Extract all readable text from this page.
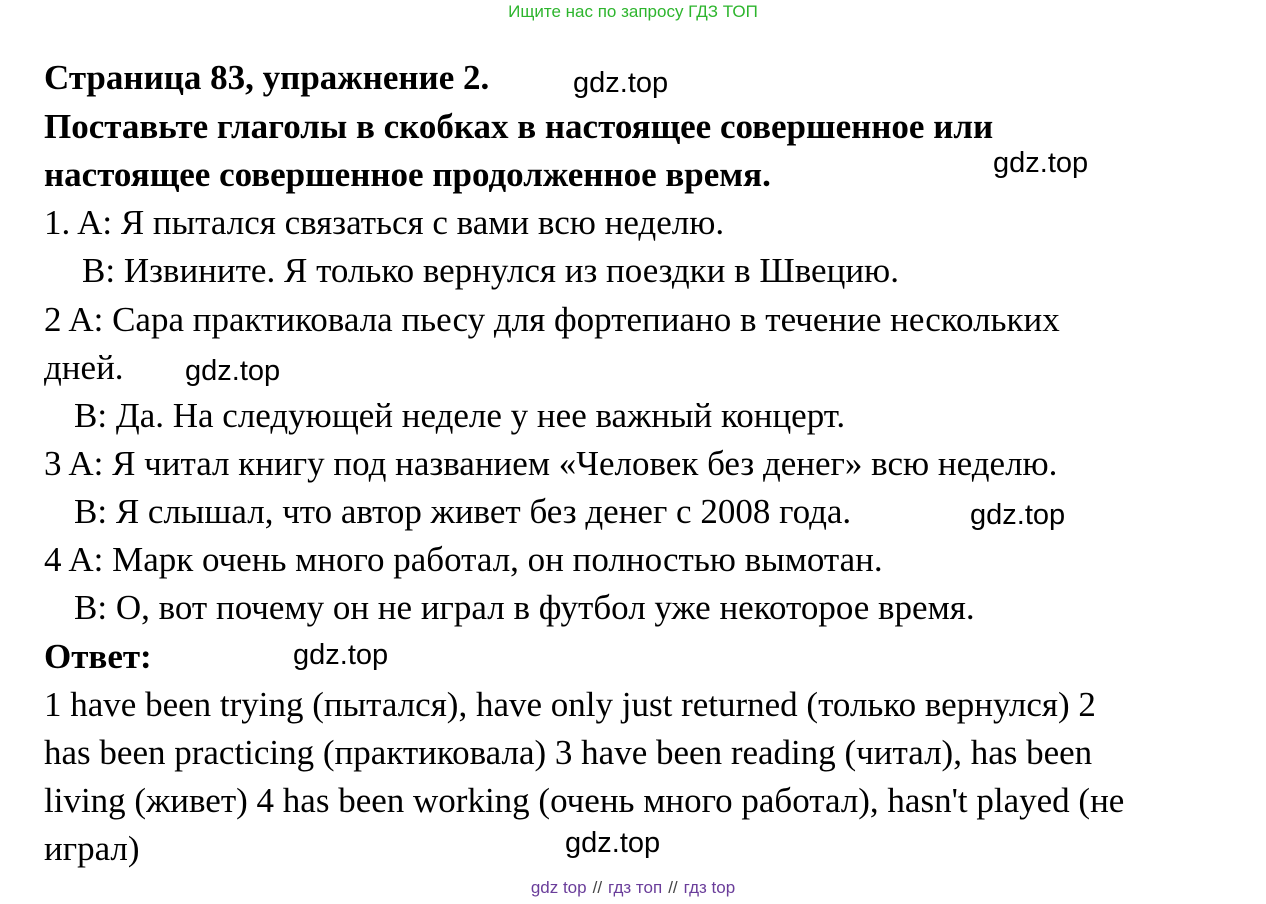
Ищите нас по запросу ГДЗ ТОП
Страница 83, упражнение 2.
Поставьте глаголы в скобках в настоящее совершенное или
настоящее совершенное продолженное время.
1. A: Я пытался связаться с вами всю неделю.
B: Извините. Я только вернулся из поездки в Швецию.
2 A: Сара практиковала пьесу для фортепиано в течение нескольких
дней.
B: Да. На следующей неделе у нее важный концерт.
3 A: Я читал книгу под названием «Человек без денег» всю неделю.
B: Я слышал, что автор живет без денег с 2008 года.
4 A: Марк очень много работал, он полностью вымотан.
B: О, вот почему он не играл в футбол уже некоторое время.
Ответ:
1 have been trying (пытался), have only just returned (только вернулся) 2
has been practicing (практиковала) 3 have been reading (читал), has been
living (живет) 4 has been working (очень много работал), hasn't played (не
играл)
gdz.top
gdz.top
gdz.top
gdz.top
gdz.top
gdz.top
gdz top // гдз топ // гдз top
